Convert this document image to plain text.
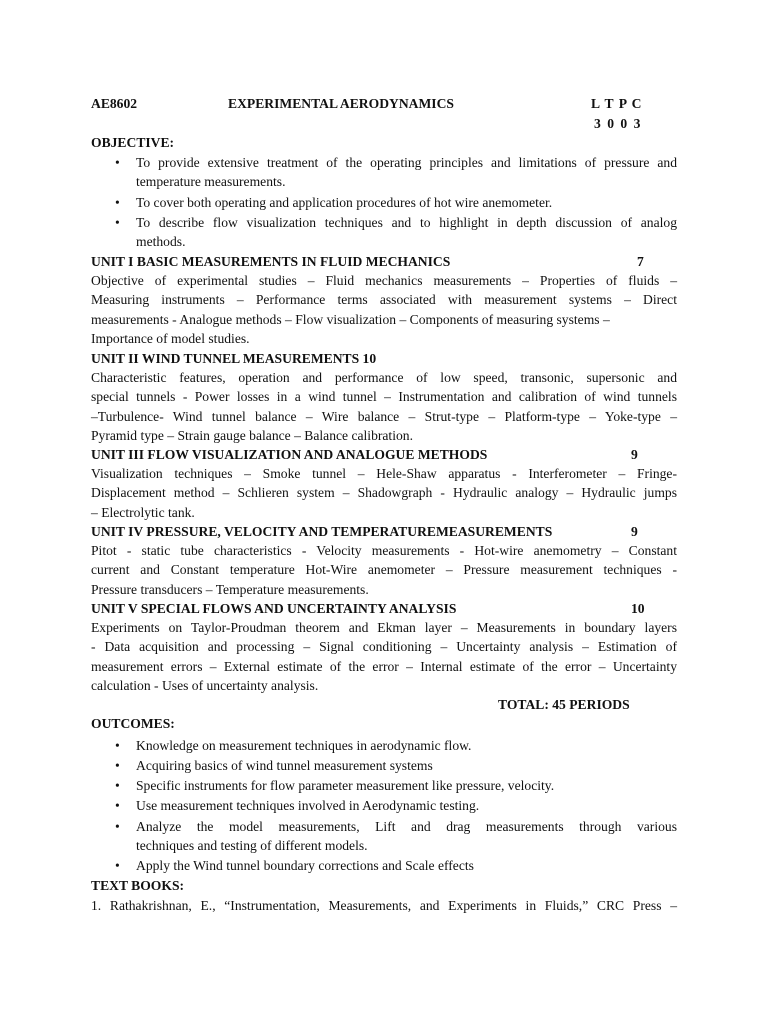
AE8602	EXPERIMENTAL AERODYNAMICS	L T P C
3 0 0 3
OBJECTIVE:
• To provide extensive treatment of the operating principles and limitations of pressure and
temperature measurements.
• To cover both operating and application procedures of hot wire anemometer.
• To describe flow visualization techniques and to highlight in depth discussion of analog
methods.
UNIT I BASIC MEASUREMENTS IN FLUID MECHANICS	7
Objective of experimental studies – Fluid mechanics measurements – Properties of fluids –
Measuring instruments – Performance terms associated with measurement systems – Direct
measurements - Analogue methods – Flow visualization – Components of measuring systems –
Importance of model studies.
UNIT II WIND TUNNEL MEASUREMENTS 10
Characteristic features, operation and performance of low speed, transonic, supersonic and
special tunnels - Power losses in a wind tunnel – Instrumentation and calibration of wind tunnels
–Turbulence- Wind tunnel balance – Wire balance – Strut-type – Platform-type – Yoke-type –
Pyramid type – Strain gauge balance – Balance calibration.
UNIT III FLOW VISUALIZATION AND ANALOGUE METHODS	9
Visualization techniques – Smoke tunnel – Hele-Shaw apparatus - Interferometer – Fringe-
Displacement method – Schlieren system – Shadowgraph - Hydraulic analogy – Hydraulic jumps
– Electrolytic tank.
UNIT IV PRESSURE, VELOCITY AND TEMPERATUREMEASUREMENTS	9
Pitot - static tube characteristics - Velocity measurements - Hot-wire anemometry – Constant
current and Constant temperature Hot-Wire anemometer – Pressure measurement techniques -
Pressure transducers – Temperature measurements.
UNIT V SPECIAL FLOWS AND UNCERTAINTY ANALYSIS	10
Experiments on Taylor-Proudman theorem and Ekman layer – Measurements in boundary layers
- Data acquisition and processing – Signal conditioning – Uncertainty analysis – Estimation of
measurement errors – External estimate of the error – Internal estimate of the error – Uncertainty
calculation - Uses of uncertainty analysis.
TOTAL: 45 PERIODS
OUTCOMES:
• Knowledge on measurement techniques in aerodynamic flow.
• Acquiring basics of wind tunnel measurement systems
• Specific instruments for flow parameter measurement like pressure, velocity.
• Use measurement techniques involved in Aerodynamic testing.
• Analyze the model measurements, Lift and drag measurements through various
techniques and testing of different models.
• Apply the Wind tunnel boundary corrections and Scale effects
TEXT BOOKS:
1. Rathakrishnan, E., “Instrumentation, Measurements, and Experiments in Fluids,” CRC Press –
